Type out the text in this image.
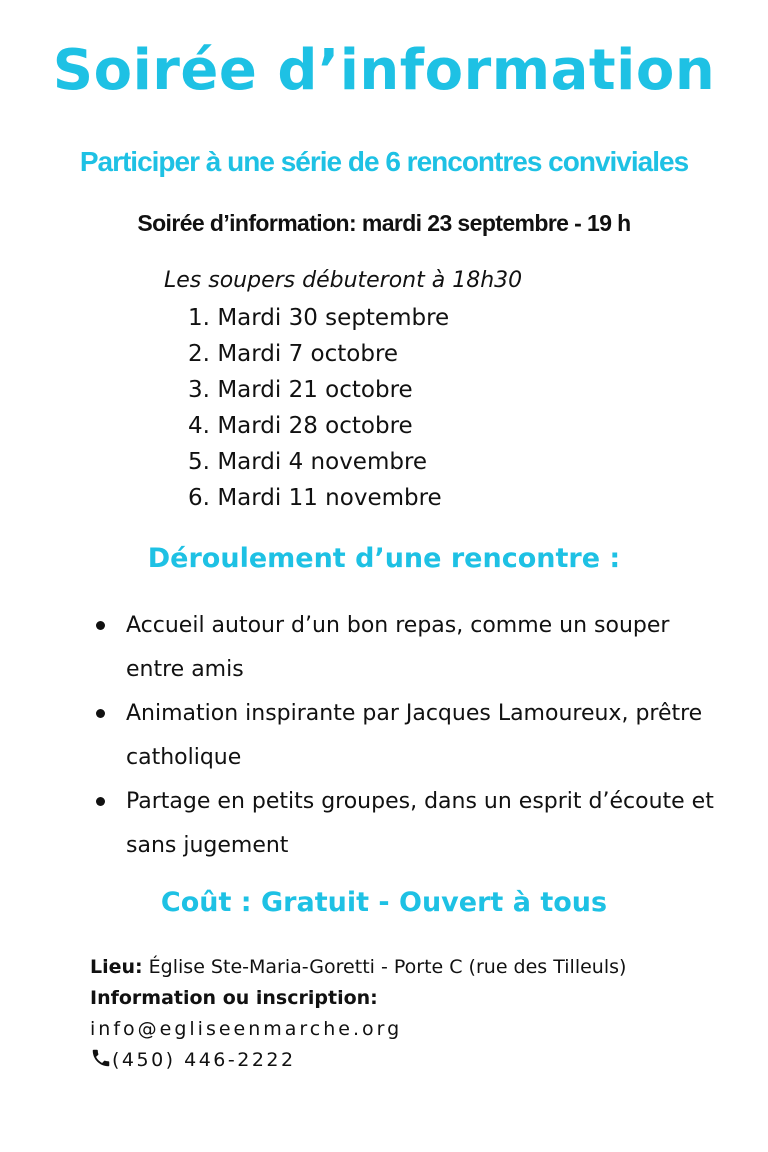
Soirée d’information
Participer à une série de 6 rencontres conviviales
Soirée d’information: mardi 23 septembre - 19 h
Les soupers débuteront à 18h30
1. Mardi 30 septembre
2. Mardi 7 octobre
3. Mardi 21 octobre
4. Mardi 28 octobre
5. Mardi 4 novembre
6. Mardi 11 novembre
Déroulement d’une rencontre :
Accueil autour d’un bon repas, comme un souper entre amis
Animation inspirante par Jacques Lamoureux, prêtre catholique
Partage en petits groupes, dans un esprit d’écoute et sans jugement
Coût : Gratuit - Ouvert à tous
Lieu: Église Ste-Maria-Goretti - Porte C (rue des Tilleuls)
Information ou inscription:
info@egliseenmarche.org
(450) 446-2222
